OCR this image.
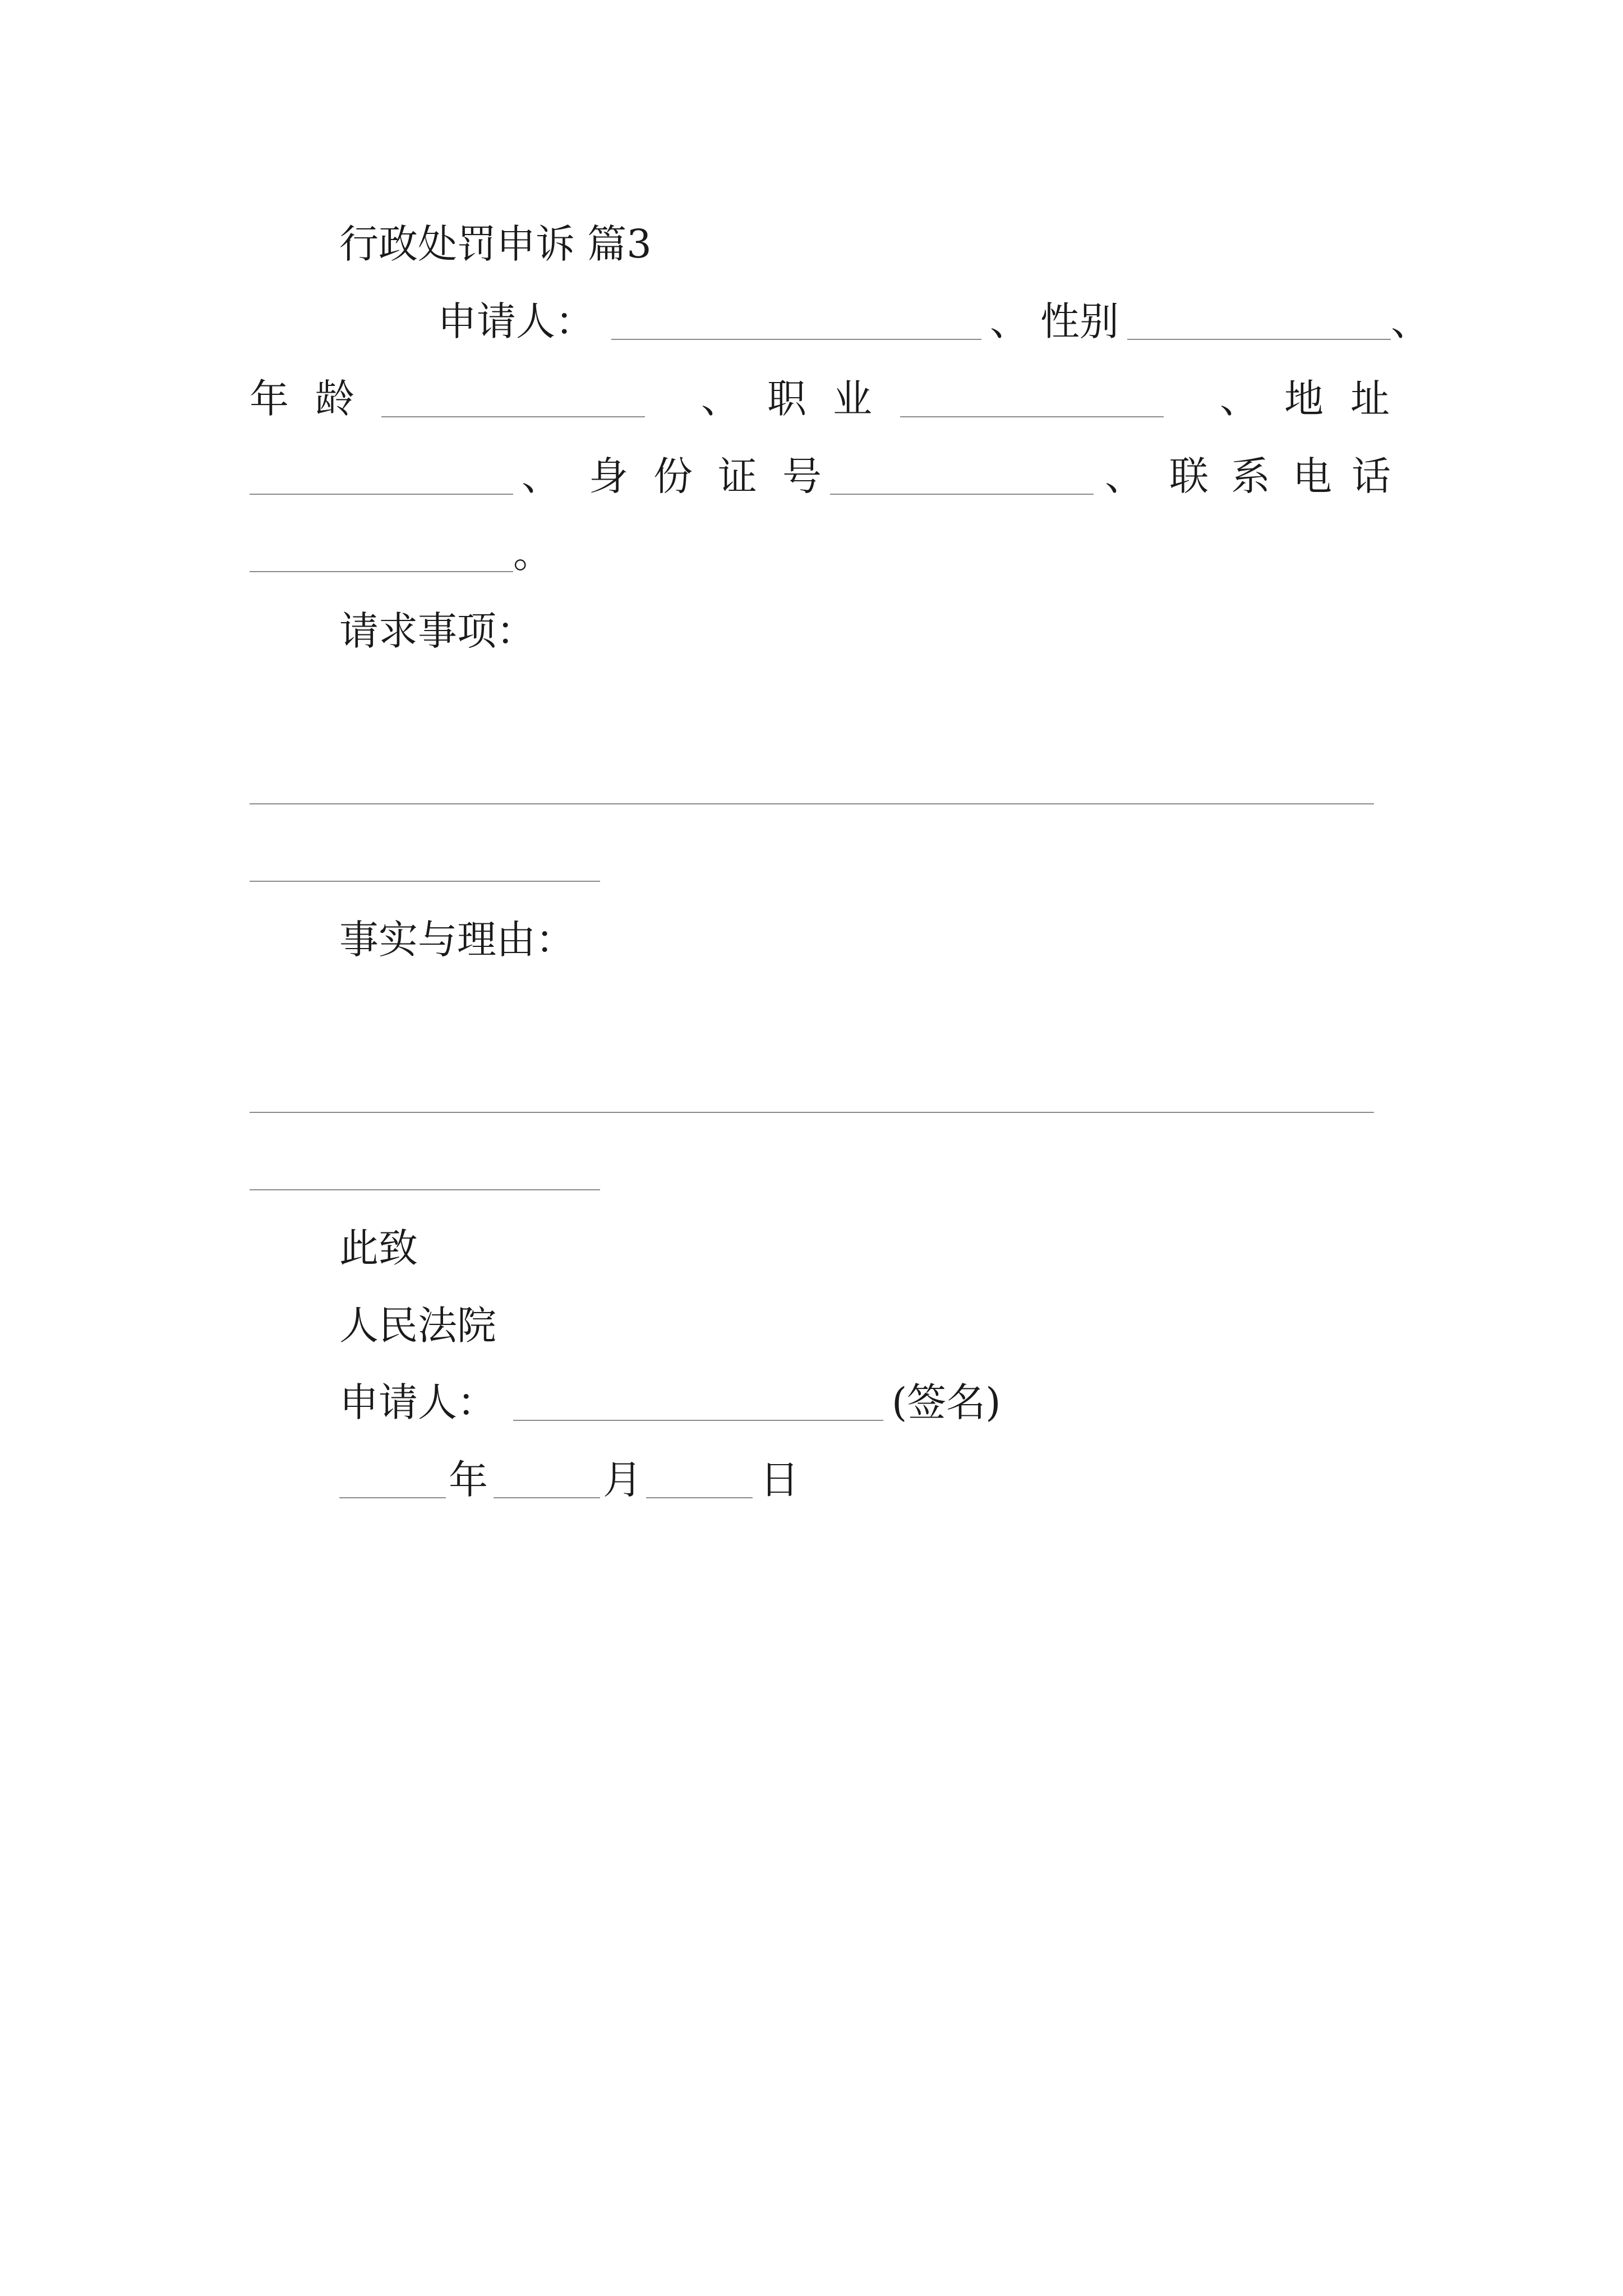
行政处罚申诉 篇3
申请人：	、 性别	、
年 龄	、 职 业	、 地 址
、 身 份 证 号	、 联 系 电 话
。
请求事项：
事实与理由：
此致
人民法院
申请人：	(签名)
年	月	日
